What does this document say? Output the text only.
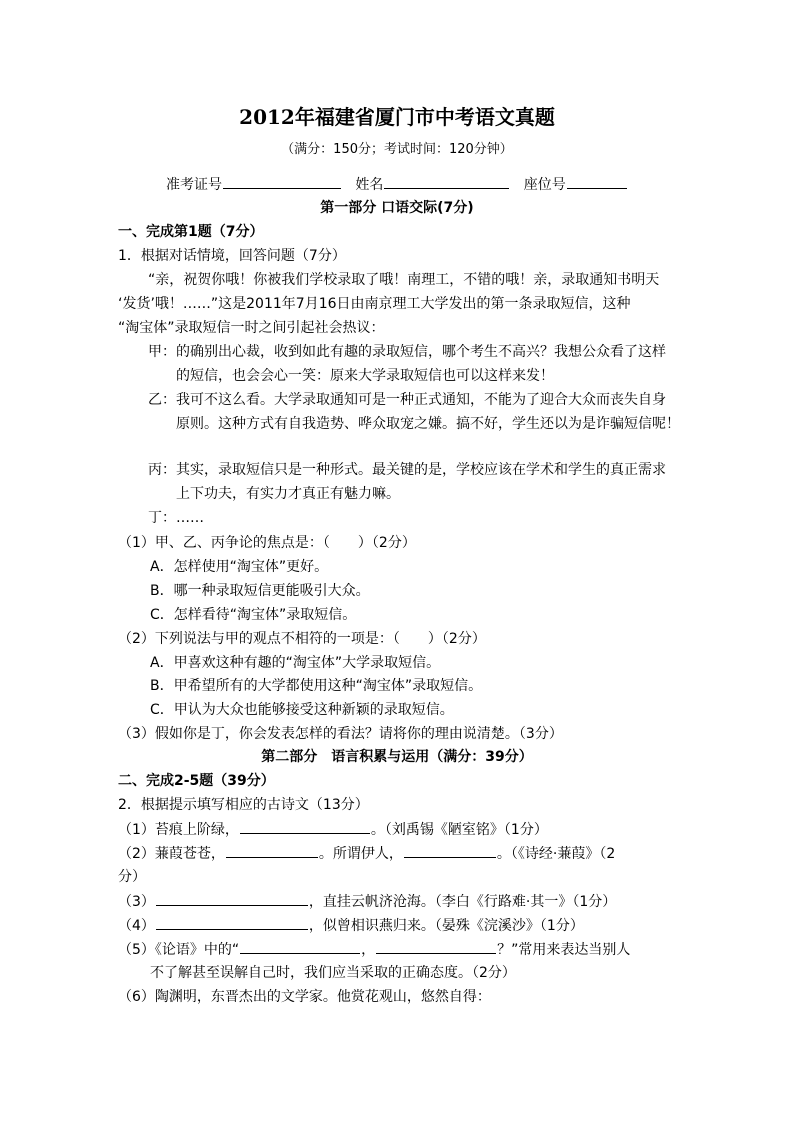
2012年福建省厦门市中考语文真题
（满分：150分；考试时间：120分钟）
准考证号	姓名	座位号
第一部分 口语交际(7分)
一、完成第1题（7分）
1．根据对话情境，回答问题（7分）
“亲，祝贺你哦！你被我们学校录取了哦！南理工，不错的哦！亲，录取通知书明天
‘发货’哦！……”这是2011年7月16日由南京理工大学发出的第一条录取短信，这种
“淘宝体”录取短信一时之间引起社会热议：
甲：的确别出心裁，收到如此有趣的录取短信，哪个考生不高兴？我想公众看了这样
的短信，也会会心一笑：原来大学录取短信也可以这样来发！
乙：我可不这么看。大学录取通知可是一种正式通知，不能为了迎合大众而丧失自身
原则。这种方式有自我造势、哗众取宠之嫌。搞不好，学生还以为是诈骗短信呢！
丙：其实，录取短信只是一种形式。最关键的是，学校应该在学术和学生的真正需求
上下功夫，有实力才真正有魅力嘛。
丁：……
（1）甲、乙、丙争论的焦点是：（　　）（2分）
A．怎样使用“淘宝体”更好。
B．哪一种录取短信更能吸引大众。
C．怎样看待“淘宝体”录取短信。
（2）下列说法与甲的观点不相符的一项是：（　　）（2分）
A．甲喜欢这种有趣的“淘宝体”大学录取短信。
B．甲希望所有的大学都使用这种“淘宝体”录取短信。
C．甲认为大众也能够接受这种新颖的录取短信。
（3）假如你是丁，你会发表怎样的看法？请将你的理由说清楚。（3分）
第二部分　语言积累与运用（满分：39分）
二、完成2-5题（39分）
2．根据提示填写相应的古诗文（13分）
（1）苔痕上阶绿，	。（刘禹锡《陋室铭》（1分）
（2）蒹葭苍苍，	。所谓伊人，	。（《诗经·蒹葭》（2
分）
（3）	，直挂云帆济沧海。（李白《行路难·其一》（1分）
（4）	，似曾相识燕归来。（晏殊《浣溪沙》（1分）
（5）《论语》中的“	，	？”常用来表达当别人
不了解甚至误解自己时，我们应当采取的正确态度。（2分）
（6）陶渊明，东晋杰出的文学家。他赏花观山，悠然自得：
